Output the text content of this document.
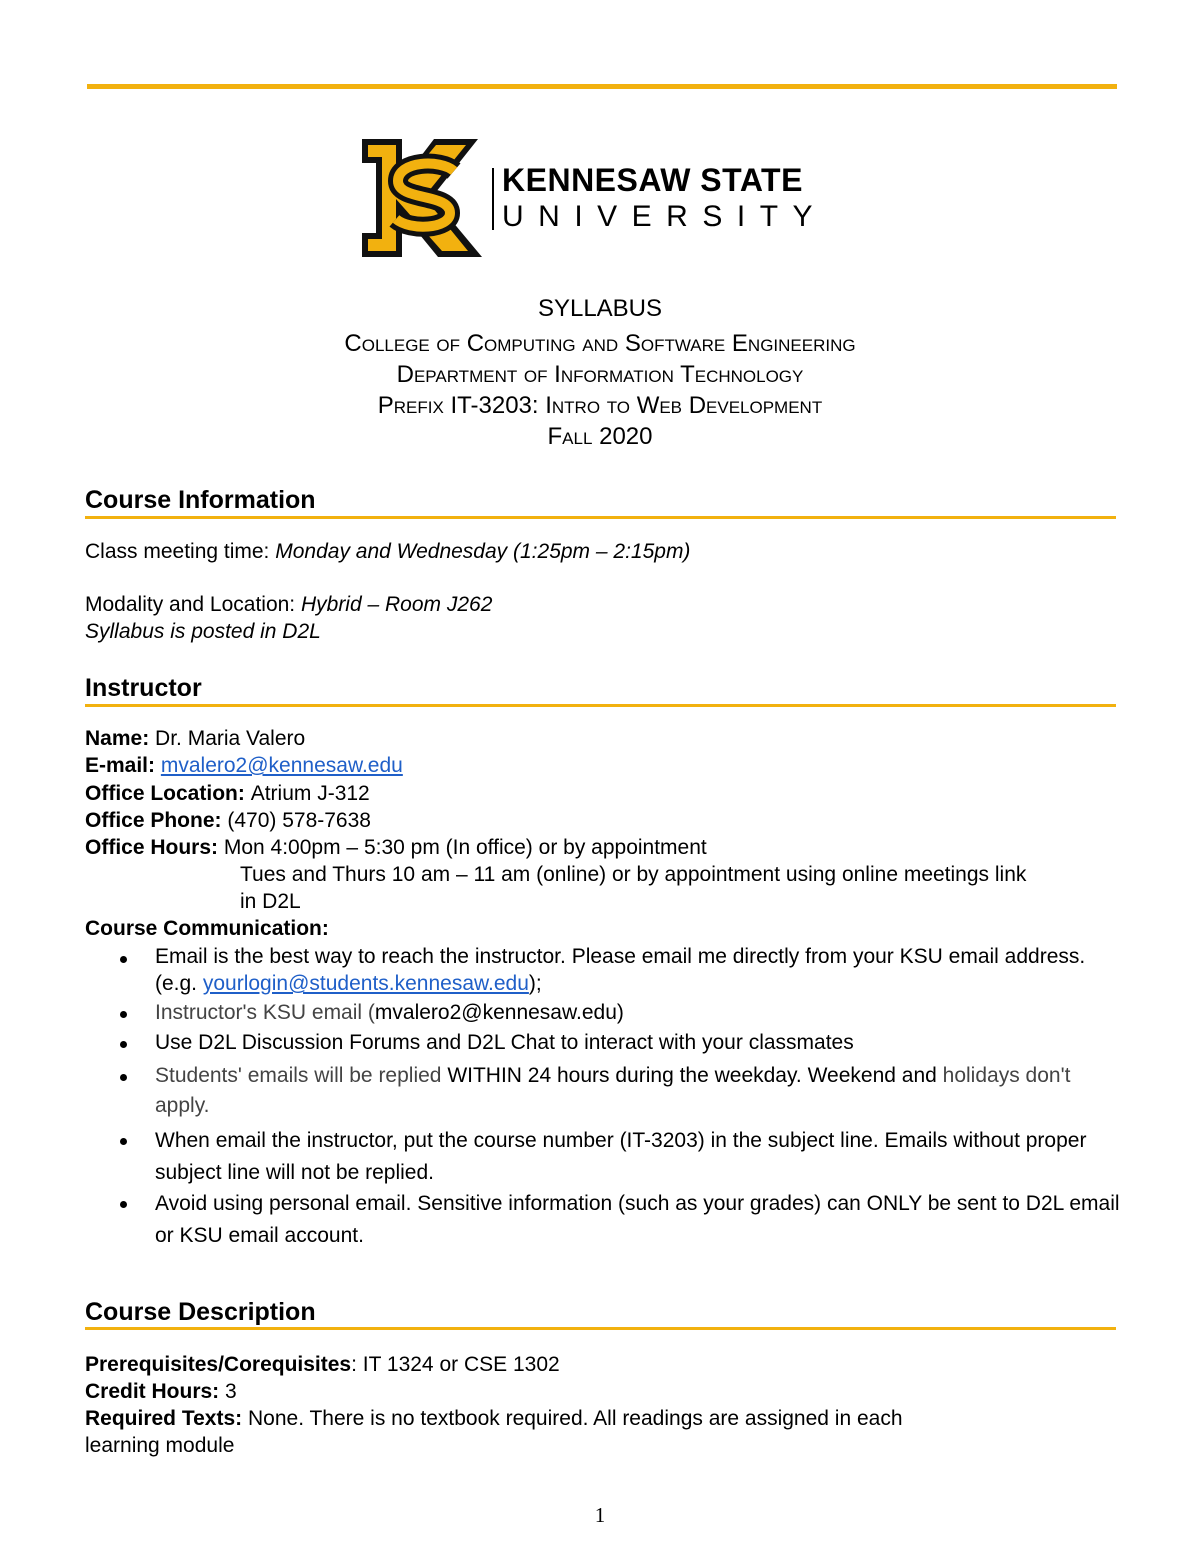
KENNESAW STATE
UNIVERSITY
SYLLABUS
College of Computing and Software Engineering
Department of Information Technology
Prefix IT-3203: Intro to Web Development
Fall 2020
Course Information
Class meeting time: Monday and Wednesday (1:25pm – 2:15pm)
Modality and Location: Hybrid – Room J262
Syllabus is posted in D2L
Instructor
Name: Dr. Maria Valero
E-mail: mvalero2@kennesaw.edu
Office Location: Atrium J-312
Office Phone: (470) 578-7638
Office Hours: Mon 4:00pm – 5:30 pm (In office) or by appointment
Tues and Thurs 10 am – 11 am (online) or by appointment using online meetings link
in D2L
Course Communication:
Email is the best way to reach the instructor. Please email me directly from your KSU email address. (e.g. yourlogin@students.kennesaw.edu);
Instructor's KSU email (mvalero2@kennesaw.edu)
Use D2L Discussion Forums and D2L Chat to interact with your classmates
Students' emails will be replied WITHIN 24 hours during the weekday. Weekend and holidays don't apply.
When email the instructor, put the course number (IT-3203) in the subject line. Emails without proper subject line will not be replied.
Avoid using personal email. Sensitive information (such as your grades) can ONLY be sent to D2L email or KSU email account.
Course Description
Prerequisites/Corequisites: IT 1324 or CSE 1302
Credit Hours: 3
Required Texts: None. There is no textbook required. All readings are assigned in each
learning module
1
